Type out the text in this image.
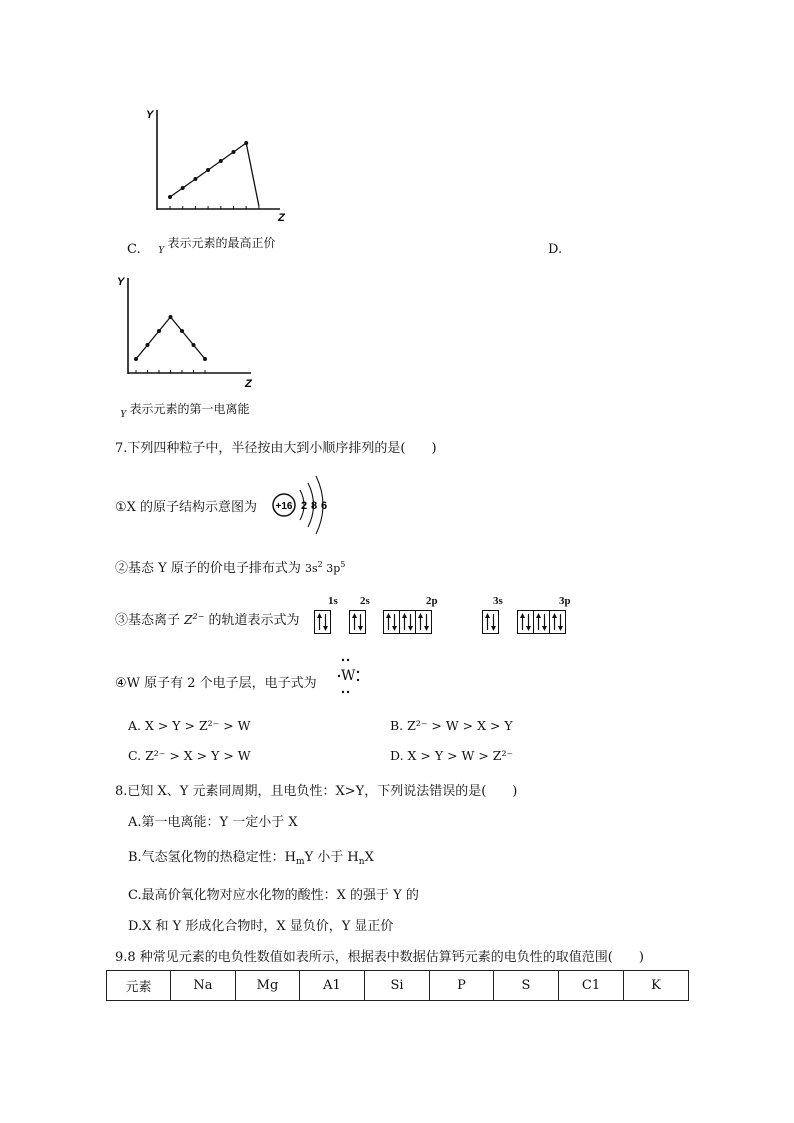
Y
Z
C. Y 表示元素的最高正价	D.
Y
Z
Y 表示元素的第一电离能
7.下列四种粒子中，半径按由大到小顺序排列的是(　　)
①X 的原子结构示意图为 +16 2 8 6
②基态 Y 原子的价电子排布式为 $3s^2$ $3p^5$
③基态离子 $Z^{2-}$ 的轨道表示式为
1s 2s	2p	3s	3p
④W 原子有 2 个电子层，电子式为 W
A. X > Y > Z²⁻ > W	B. Z²⁻ > W > X > Y
C. Z²⁻ > X > Y > W	D. X > Y > W > Z²⁻
8.已知 X、Y 元素同周期，且电负性：X>Y，下列说法错误的是(　　)
A.第一电离能：Y 一定小于 X
B.气态氢化物的热稳定性：$H_mY$ 小于 $H_nX$
C.最高价氧化物对应水化物的酸性：X 的强于 Y 的
D.X 和 Y 形成化合物时，X 显负价，Y 显正价
9.8 种常见元素的电负性数值如表所示，根据表中数据估算钙元素的电负性的取值范围(　　)
元素	Na	Mg	A1	Si	P	S	C1	K
